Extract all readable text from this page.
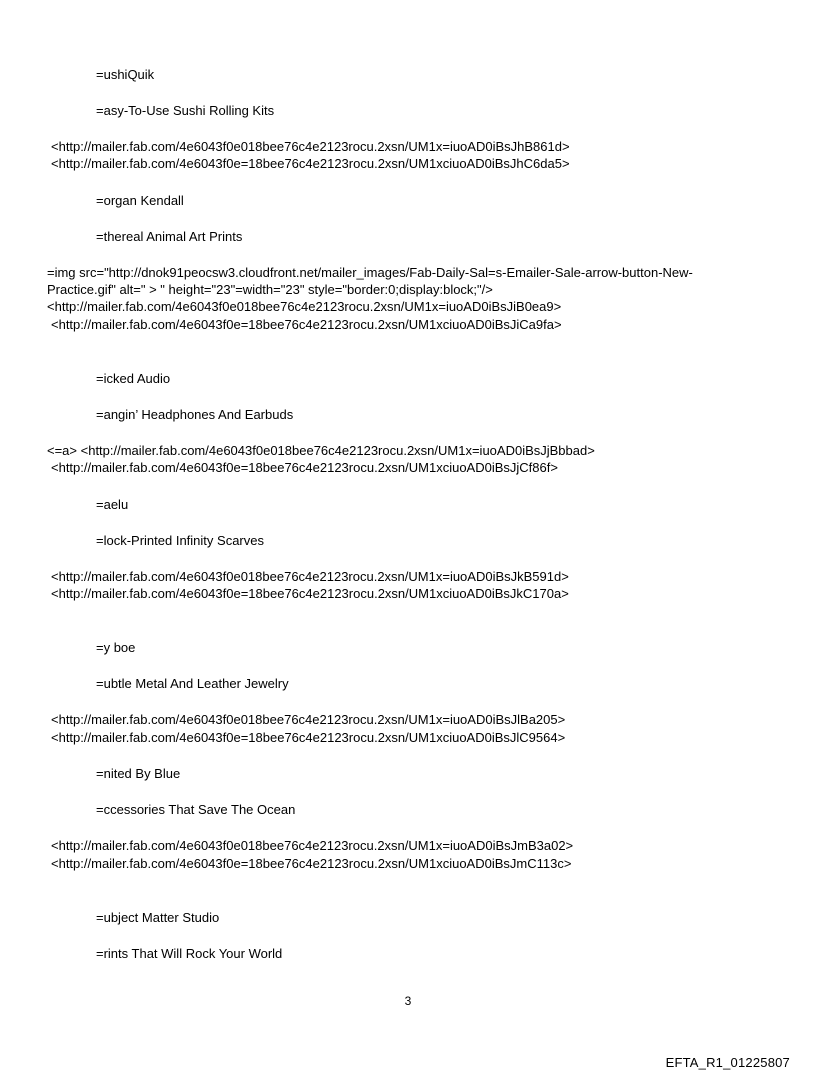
=ushiQuik
=asy-To-Use Sushi Rolling Kits
<http://mailer.fab.com/4e6043f0e018bee76c4e2123rocu.2xsn/UM1x=iuoAD0iBsJhB861d>
<http://mailer.fab.com/4e6043f0e=18bee76c4e2123rocu.2xsn/UM1xciuoAD0iBsJhC6da5>
=organ Kendall
=thereal Animal Art Prints
=img src="http://dnok91peocsw3.cloudfront.net/mailer_images/Fab-Daily-Sal=s-Emailer-Sale-arrow-button-New-
Practice.gif" alt=" > " height="23"=width="23" style="border:0;display:block;"/>
<http://mailer.fab.com/4e6043f0e018bee76c4e2123rocu.2xsn/UM1x=iuoAD0iBsJiB0ea9>
<http://mailer.fab.com/4e6043f0e=18bee76c4e2123rocu.2xsn/UM1xciuoAD0iBsJiCa9fa>
=icked Audio
=angin’ Headphones And Earbuds
<=a> <http://mailer.fab.com/4e6043f0e018bee76c4e2123rocu.2xsn/UM1x=iuoAD0iBsJjBbbad>
<http://mailer.fab.com/4e6043f0e=18bee76c4e2123rocu.2xsn/UM1xciuoAD0iBsJjCf86f>
=aelu
=lock-Printed Infinity Scarves
<http://mailer.fab.com/4e6043f0e018bee76c4e2123rocu.2xsn/UM1x=iuoAD0iBsJkB591d>
<http://mailer.fab.com/4e6043f0e=18bee76c4e2123rocu.2xsn/UM1xciuoAD0iBsJkC170a>
=y boe
=ubtle Metal And Leather Jewelry
<http://mailer.fab.com/4e6043f0e018bee76c4e2123rocu.2xsn/UM1x=iuoAD0iBsJlBa205>
<http://mailer.fab.com/4e6043f0e=18bee76c4e2123rocu.2xsn/UM1xciuoAD0iBsJlC9564>
=nited By Blue
=ccessories That Save The Ocean
<http://mailer.fab.com/4e6043f0e018bee76c4e2123rocu.2xsn/UM1x=iuoAD0iBsJmB3a02>
<http://mailer.fab.com/4e6043f0e=18bee76c4e2123rocu.2xsn/UM1xciuoAD0iBsJmC113c>
=ubject Matter Studio
=rints That Will Rock Your World
3
EFTA_R1_01225807
